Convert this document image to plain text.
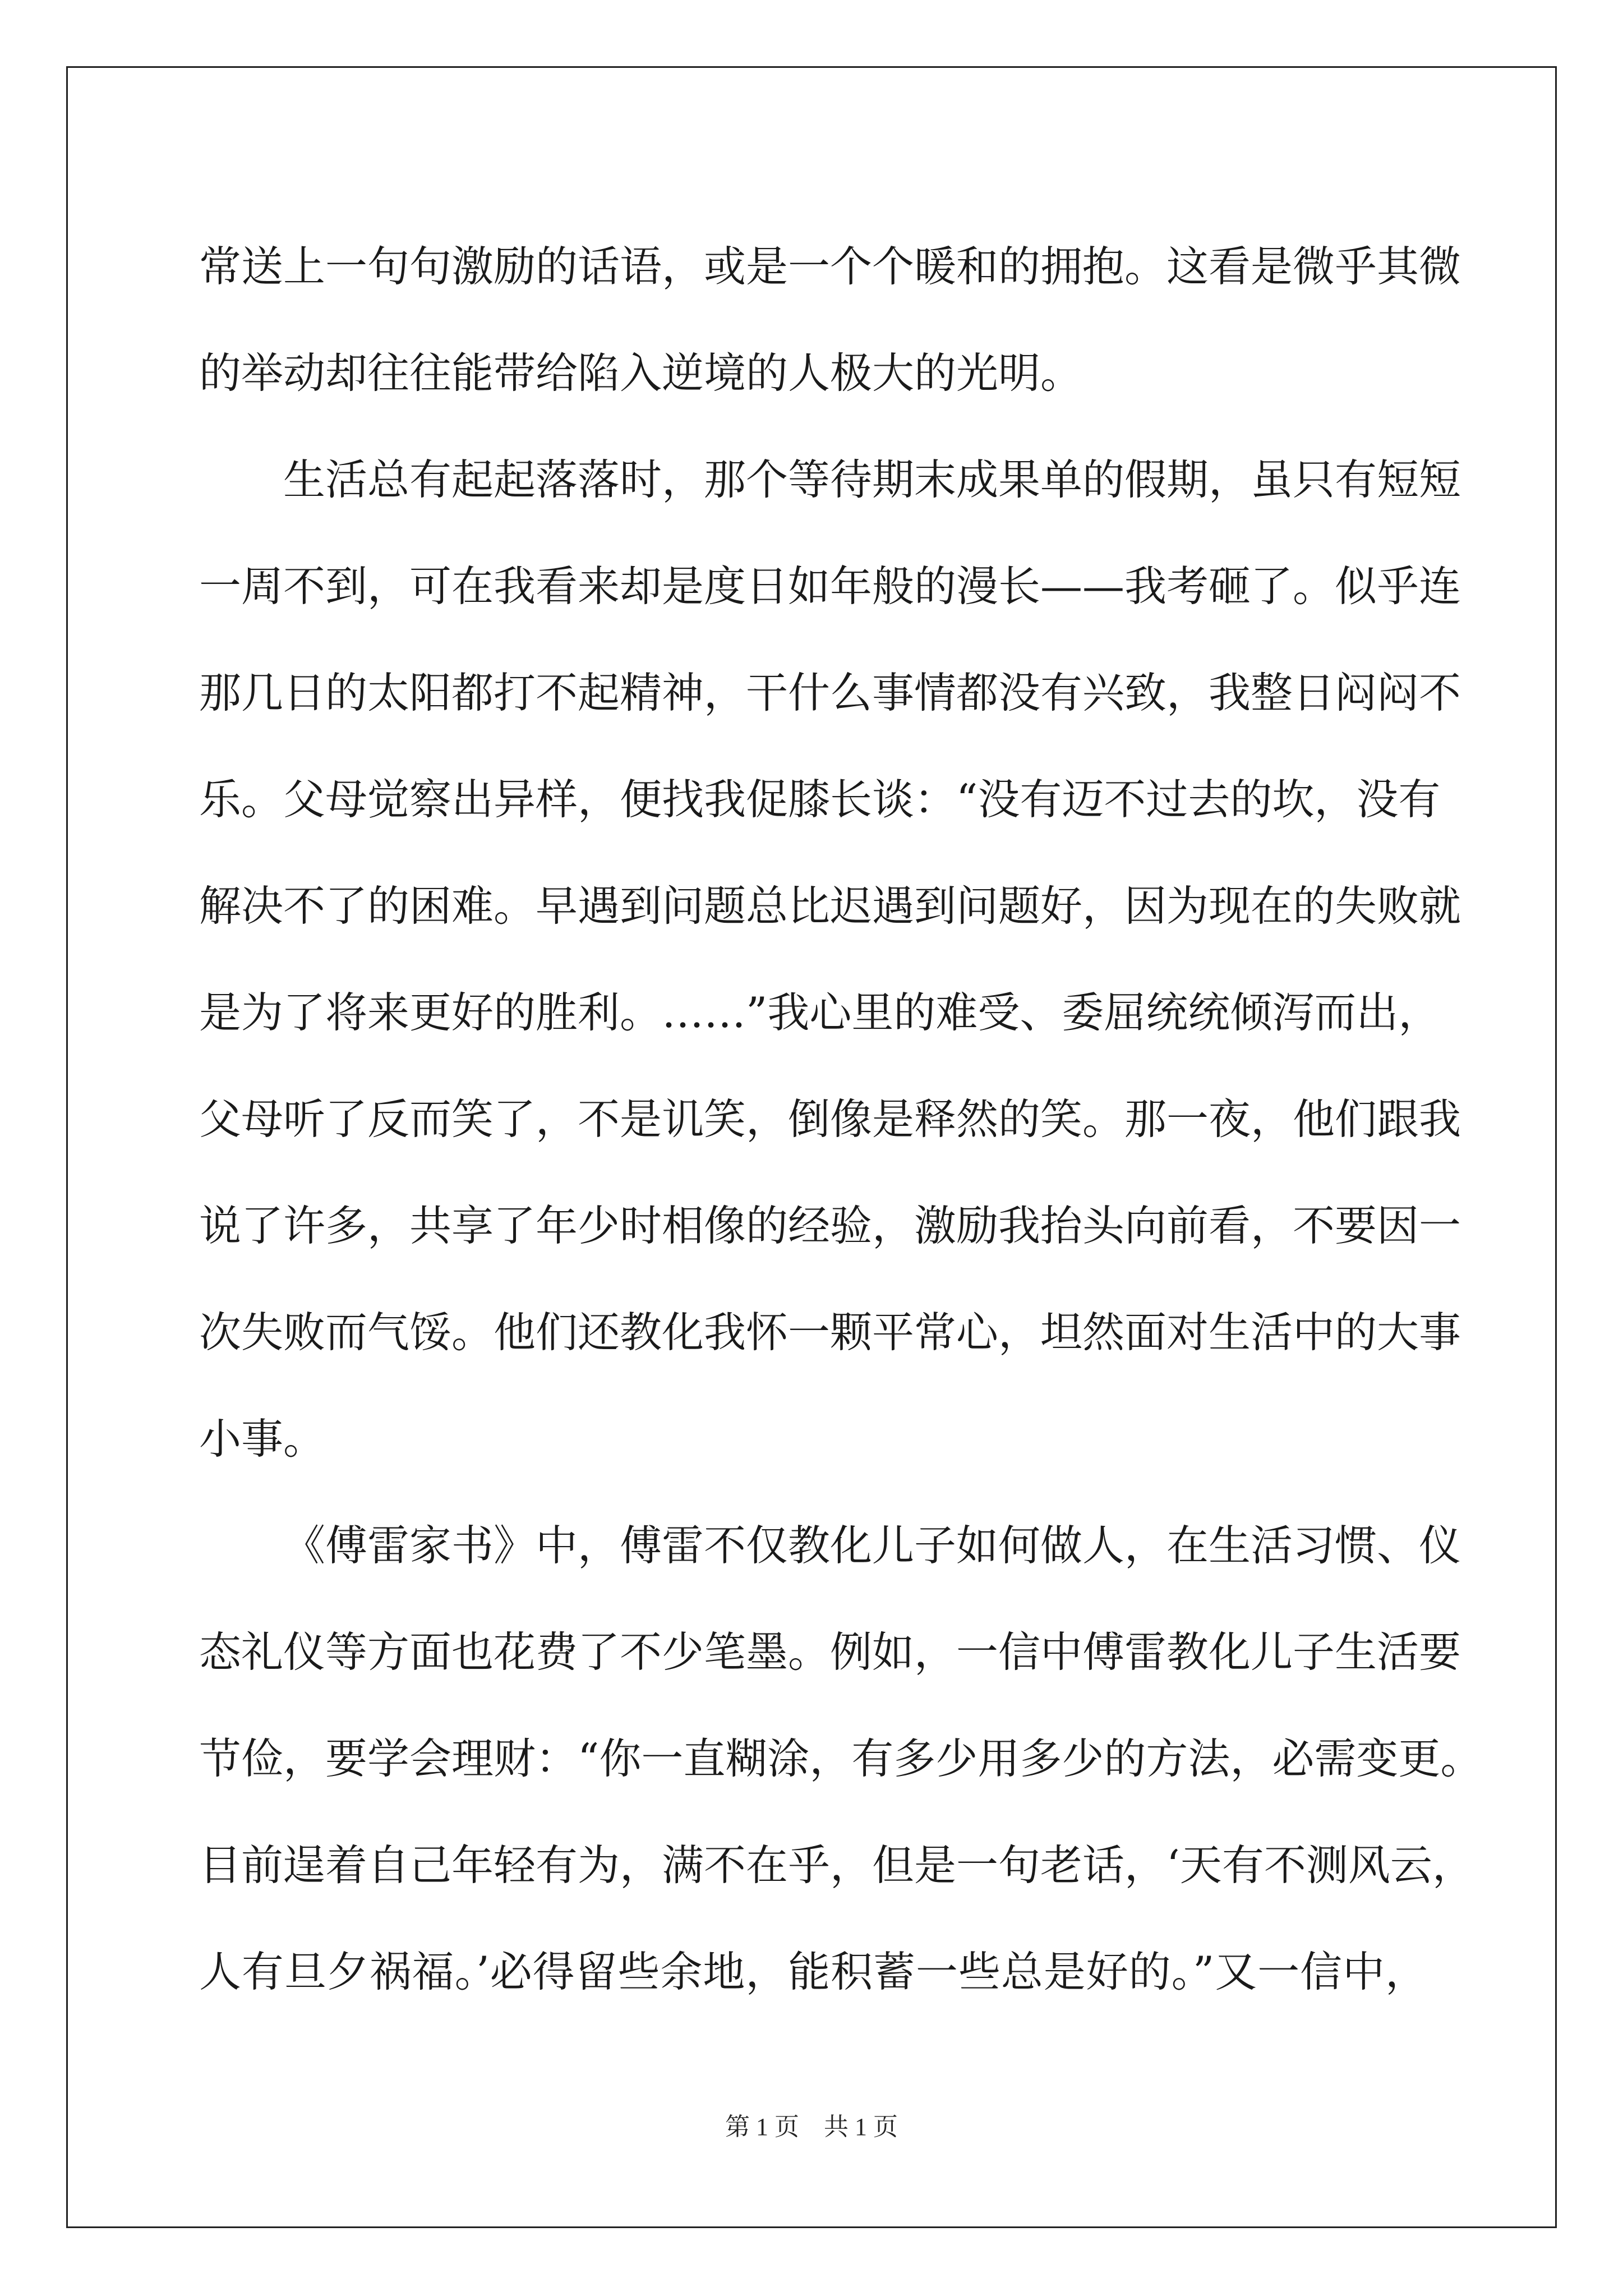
常送上一句句激励的话语，或是一个个暖和的拥抱。这看是微乎其微

的举动却往往能带给陷入逆境的人极大的光明。

生活总有起起落落时，那个等待期末成果单的假期，虽只有短短

一周不到，可在我看来却是度日如年般的漫长——我考砸了。似乎连

那几日的太阳都打不起精神，干什么事情都没有兴致，我整日闷闷不

乐。父母觉察出异样，便找我促膝长谈：“没有迈不过去的坎，没有

解决不了的困难。早遇到问题总比迟遇到问题好，因为现在的失败就

是为了将来更好的胜利。……”我心里的难受、委屈统统倾泻而出，

父母听了反而笑了，不是讥笑，倒像是释然的笑。那一夜，他们跟我

说了许多，共享了年少时相像的经验，激励我抬头向前看，不要因一

次失败而气馁。他们还教化我怀一颗平常心，坦然面对生活中的大事

小事。

《傅雷家书》中，傅雷不仅教化儿子如何做人，在生活习惯、仪

态礼仪等方面也花费了不少笔墨。例如，一信中傅雷教化儿子生活要

节俭，要学会理财：“你一直糊涂，有多少用多少的方法，必需变更。

目前逞着自己年轻有为，满不在乎，但是一句老话，‘天有不测风云，

人有旦夕祸福。’必得留些余地，能积蓄一些总是好的。”又一信中，

第 1 页　共 1 页
